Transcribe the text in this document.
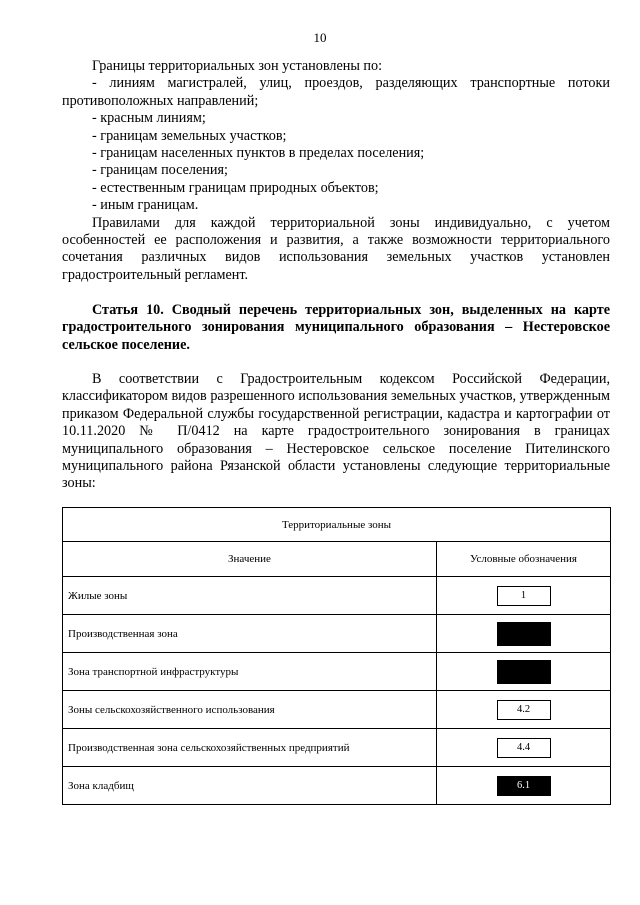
10

Границы территориальных зон установлены по:

- линиям магистралей, улиц, проездов, разделяющих транспортные потоки противоположных направлений;

- красным линиям;

- границам земельных участков;

- границам населенных пунктов в пределах поселения;

- границам поселения;

- естественным границам природных объектов;

- иным границам.

Правилами для каждой территориальной зоны индивидуально, с учетом особенностей ее расположения и развития, а также возможности территориального сочетания различных видов использования земельных участков установлен градостроительный регламент.

Статья 10. Сводный перечень территориальных зон, выделенных на карте градостроительного зонирования муниципального образования – Нестеровское сельское поселение.

В соответствии с Градостроительным кодексом Российской Федерации, классификатором видов разрешенного использования земельных участков, утвержденным приказом Федеральной службы государственной регистрации, кадастра и картографии от 10.11.2020 № П/0412 на карте градостроительного зонирования в границах муниципального образования – Нестеровское сельское поселение Пителинского муниципального района Рязанской области установлены следующие территориальные зоны:

Территориальные зоны	
Значение	Условные обозначения
Жилые зоны	1
Производственная зона	
Зона транспортной инфраструктуры	
Зоны сельскохозяйственного использования	4.2
Производственная зона сельскохозяйственных предприятий	4.4
Зона кладбищ	6.1
